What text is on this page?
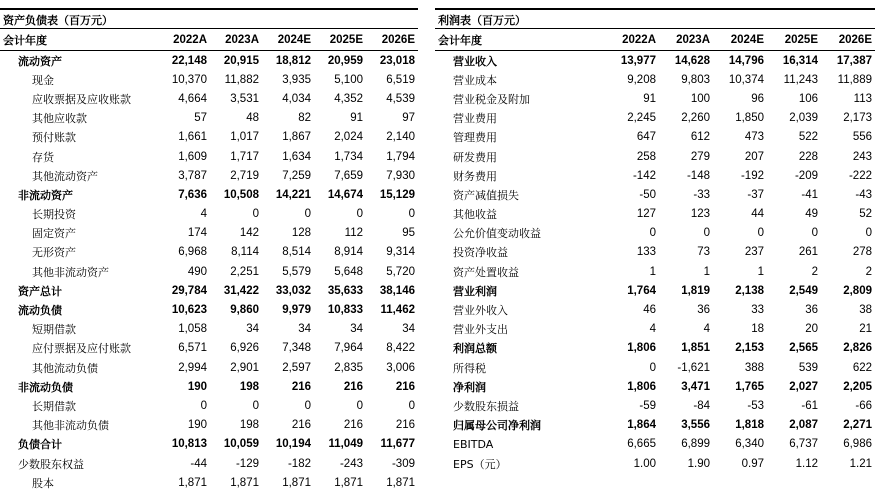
资产负债表（百万元）
会计年度	2022A	2023A	2024E	2025E	2026E
流动资产	22,148	20,915	18,812	20,959	23,018
现金	10,370	11,882	3,935	5,100	6,519
应收票据及应收账款	4,664	3,531	4,034	4,352	4,539
其他应收款	57	48	82	91	97
预付账款	1,661	1,017	1,867	2,024	2,140
存货	1,609	1,717	1,634	1,734	1,794
其他流动资产	3,787	2,719	7,259	7,659	7,930
非流动资产	7,636	10,508	14,221	14,674	15,129
长期投资	4	0	0	0	0
固定资产	174	142	128	112	95
无形资产	6,968	8,114	8,514	8,914	9,314
其他非流动资产	490	2,251	5,579	5,648	5,720
资产总计	29,784	31,422	33,032	35,633	38,146
流动负债	10,623	9,860	9,979	10,833	11,462
短期借款	1,058	34	34	34	34
应付票据及应付账款	6,571	6,926	7,348	7,964	8,422
其他流动负债	2,994	2,901	2,597	2,835	3,006
非流动负债	190	198	216	216	216
长期借款	0	0	0	0	0
其他非流动负债	190	198	216	216	216
负债合计	10,813	10,059	10,194	11,049	11,677
少数股东权益	-44	-129	-182	-243	-309
股本	1,871	1,871	1,871	1,871	1,871
利润表（百万元）
会计年度	2022A	2023A	2024E	2025E	2026E
营业收入	13,977	14,628	14,796	16,314	17,387
营业成本	9,208	9,803	10,374	11,243	11,889
营业税金及附加	91	100	96	106	113
营业费用	2,245	2,260	1,850	2,039	2,173
管理费用	647	612	473	522	556
研发费用	258	279	207	228	243
财务费用	-142	-148	-192	-209	-222
资产减值损失	-50	-33	-37	-41	-43
其他收益	127	123	44	49	52
公允价值变动收益	0	0	0	0	0
投资净收益	133	73	237	261	278
资产处置收益	1	1	1	2	2
营业利润	1,764	1,819	2,138	2,549	2,809
营业外收入	46	36	33	36	38
营业外支出	4	4	18	20	21
利润总额	1,806	1,851	2,153	2,565	2,826
所得税	0	-1,621	388	539	622
净利润	1,806	3,471	1,765	2,027	2,205
少数股东损益	-59	-84	-53	-61	-66
归属母公司净利润	1,864	3,556	1,818	2,087	2,271
EBITDA	6,665	6,899	6,340	6,737	6,986
EPS（元）	1.00	1.90	0.97	1.12	1.21
